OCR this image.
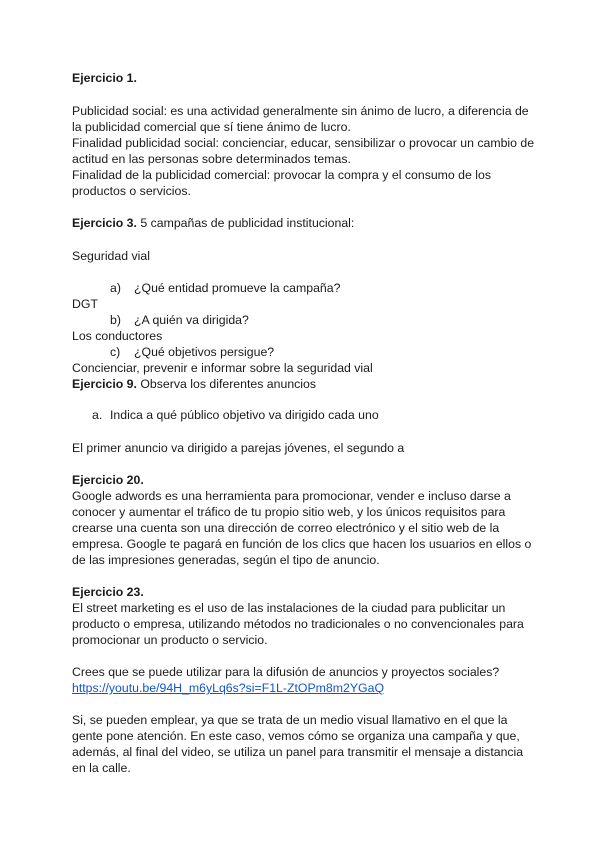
Ejercicio 1.
Publicidad social: es una actividad generalmente sin ánimo de lucro, a diferencia de
la publicidad comercial que sí tiene ánimo de lucro.
Finalidad publicidad social: concienciar, educar, sensibilizar o provocar un cambio de
actitud en las personas sobre determinados temas.
Finalidad de la publicidad comercial: provocar la compra y el consumo de los
productos o servicios.
Ejercicio 3. 5 campañas de publicidad institucional:
Seguridad vial
a) ¿Qué entidad promueve la campaña?
DGT
b) ¿A quién va dirigida?
Los conductores
c) ¿Qué objetivos persigue?
Concienciar, prevenir e informar sobre la seguridad vial
Ejercicio 9. Observa los diferentes anuncios
a. Indica a qué público objetivo va dirigido cada uno
El primer anuncio va dirigido a parejas jóvenes, el segundo a
Ejercicio 20.
Google adwords es una herramienta para promocionar, vender e incluso darse a
conocer y aumentar el tráfico de tu propio sitio web, y los únicos requisitos para
crearse una cuenta son una dirección de correo electrónico y el sitio web de la
empresa. Google te pagará en función de los clics que hacen los usuarios en ellos o
de las impresiones generadas, según el tipo de anuncio.
Ejercicio 23.
El street marketing es el uso de las instalaciones de la ciudad para publicitar un
producto o empresa, utilizando métodos no tradicionales o no convencionales para
promocionar un producto o servicio.
Crees que se puede utilizar para la difusión de anuncios y proyectos sociales?
https://youtu.be/94H_m6yLq6s?si=F1L-ZtOPm8m2YGaQ
Si, se pueden emplear, ya que se trata de un medio visual llamativo en el que la
gente pone atención. En este caso, vemos cómo se organiza una campaña y que,
además, al final del video, se utiliza un panel para transmitir el mensaje a distancia
en la calle.
